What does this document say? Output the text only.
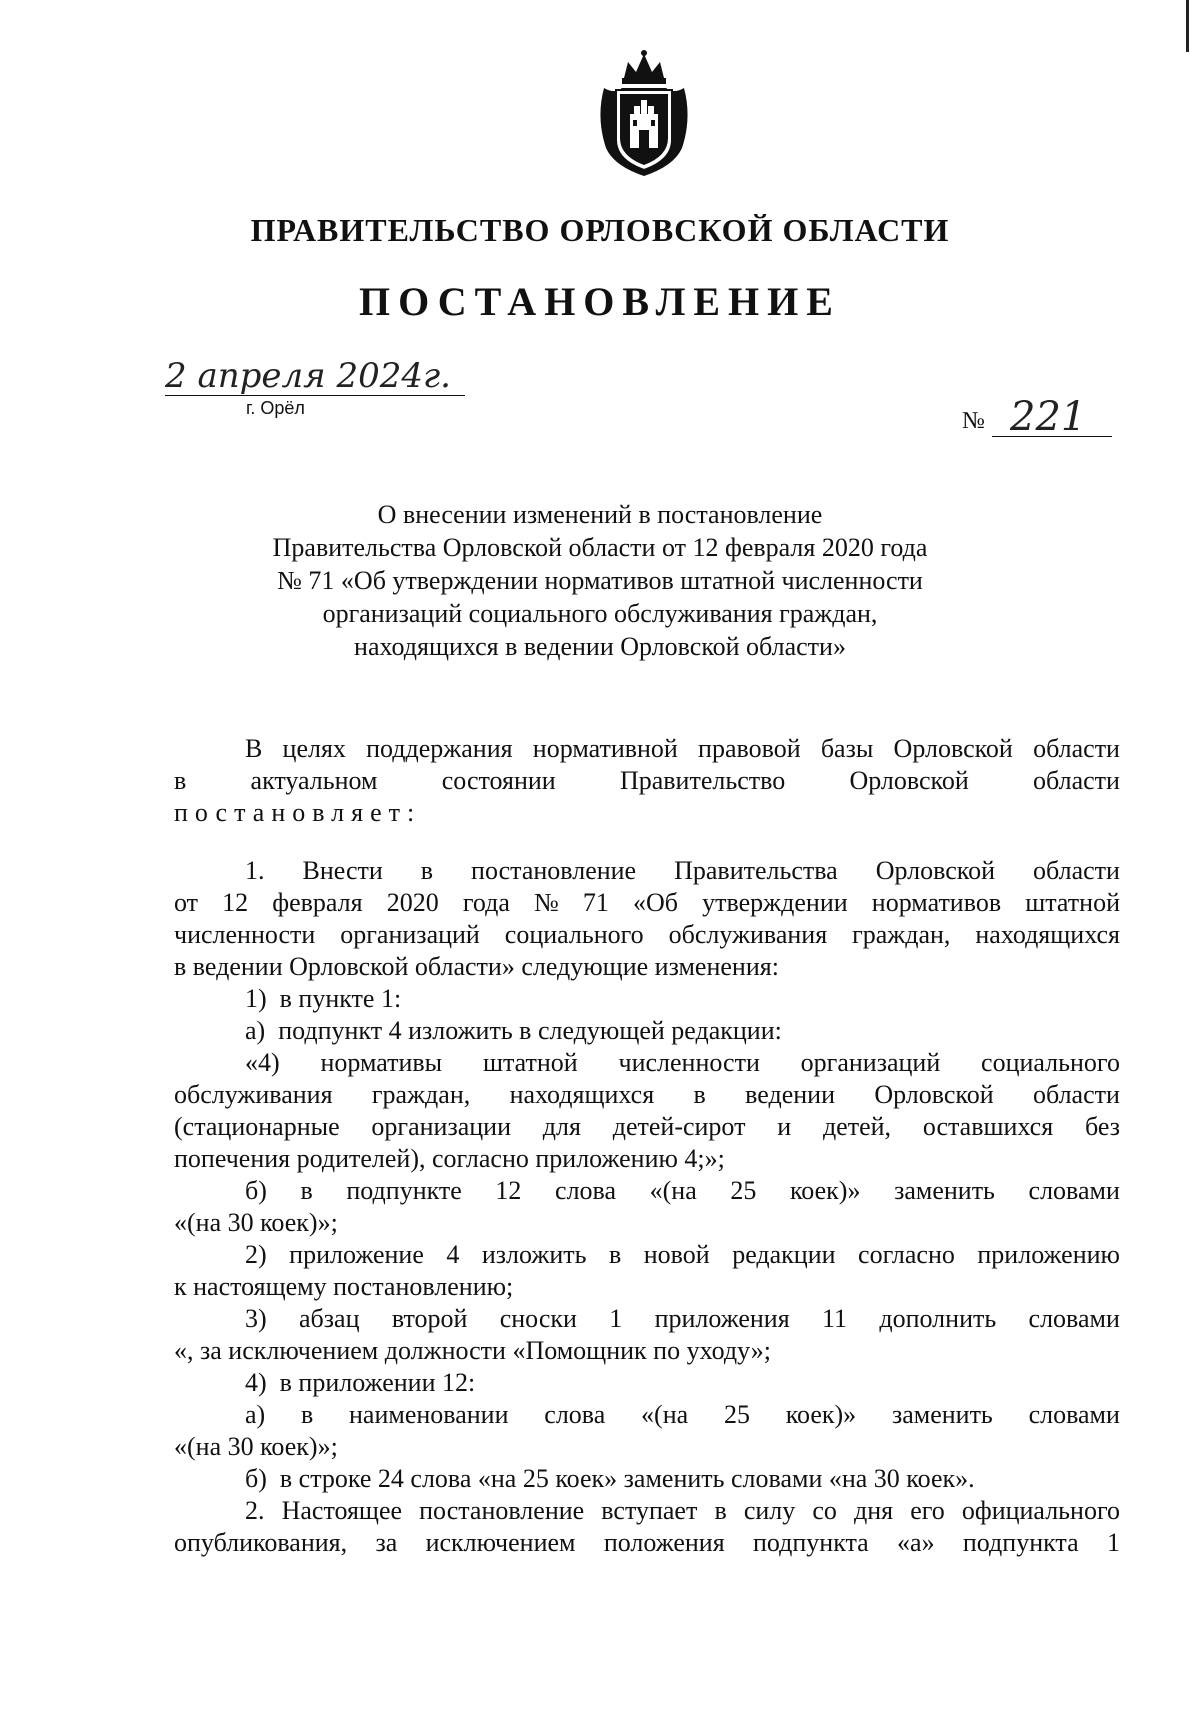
ПРАВИТЕЛЬСТВО ОРЛОВСКОЙ ОБЛАСТИ
ПОСТАНОВЛЕНИЕ
2 апреля 2024г.
г. Орёл	№ 221
О внесении изменений в постановление
Правительства Орловской области от 12 февраля 2020 года
№ 71 «Об утверждении нормативов штатной численности
организаций социального обслуживания граждан,
находящихся в ведении Орловской области»
В целях поддержания нормативной правовой базы Орловской области
в актуальном состоянии Правительство Орловской области
постановляет:
1. Внести в постановление Правительства Орловской области
от 12 февраля 2020 года № 71 «Об утверждении нормативов штатной
численности организаций социального обслуживания граждан, находящихся
в ведении Орловской области» следующие изменения:
1)  в пункте 1:
а)  подпункт 4 изложить в следующей редакции:
«4) нормативы штатной численности организаций социального
обслуживания граждан, находящихся в ведении Орловской области
(стационарные организации для детей-сирот и детей, оставшихся без
попечения родителей), согласно приложению 4;»;
б) в подпункте 12 слова «(на 25 коек)» заменить словами
«(на 30 коек)»;
2) приложение 4 изложить в новой редакции согласно приложению
к настоящему постановлению;
3) абзац второй сноски 1 приложения 11 дополнить словами
«, за исключением должности «Помощник по уходу»;
4)  в приложении 12:
а) в наименовании слова «(на 25 коек)» заменить словами
«(на 30 коек)»;
б)  в строке 24 слова «на 25 коек» заменить словами «на 30 коек».
2. Настоящее постановление вступает в силу со дня его официального
опубликования, за исключением положения подпункта «а» подпункта 1
